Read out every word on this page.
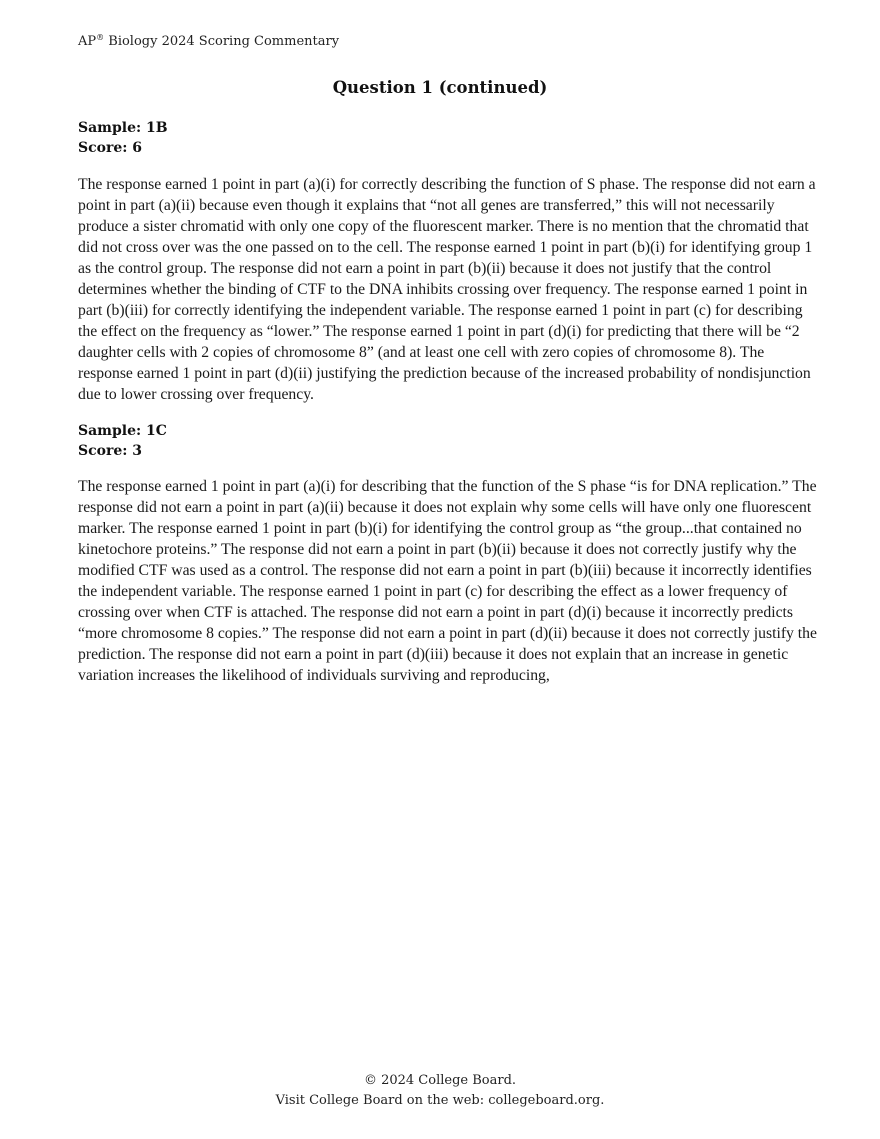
AP® Biology 2024 Scoring Commentary
Question 1 (continued)
Sample: 1B
Score: 6
The response earned 1 point in part (a)(i) for correctly describing the function of S phase. The response did not earn a point in part (a)(ii) because even though it explains that “not all genes are transferred,” this will not necessarily produce a sister chromatid with only one copy of the fluorescent marker. There is no mention that the chromatid that did not cross over was the one passed on to the cell. The response earned 1 point in part (b)(i) for identifying group 1 as the control group. The response did not earn a point in part (b)(ii) because it does not justify that the control determines whether the binding of CTF to the DNA inhibits crossing over frequency. The response earned 1 point in part (b)(iii) for correctly identifying the independent variable. The response earned 1 point in part (c) for describing the effect on the frequency as “lower.” The response earned 1 point in part (d)(i) for predicting that there will be “2 daughter cells with 2 copies of chromosome 8” (and at least one cell with zero copies of chromosome 8). The response earned 1 point in part (d)(ii) justifying the prediction because of the increased probability of nondisjunction due to lower crossing over frequency.
Sample: 1C
Score: 3
The response earned 1 point in part (a)(i) for describing that the function of the S phase “is for DNA replication.” The response did not earn a point in part (a)(ii) because it does not explain why some cells will have only one fluorescent marker. The response earned 1 point in part (b)(i) for identifying the control group as “the group...that contained no kinetochore proteins.” The response did not earn a point in part (b)(ii) because it does not correctly justify why the modified CTF was used as a control. The response did not earn a point in part (b)(iii) because it incorrectly identifies the independent variable. The response earned 1 point in part (c) for describing the effect as a lower frequency of crossing over when CTF is attached. The response did not earn a point in part (d)(i) because it incorrectly predicts “more chromosome 8 copies.” The response did not earn a point in part (d)(ii) because it does not correctly justify the prediction. The response did not earn a point in part (d)(iii) because it does not explain that an increase in genetic variation increases the likelihood of individuals surviving and reproducing,
© 2024 College Board.
Visit College Board on the web: collegeboard.org.
